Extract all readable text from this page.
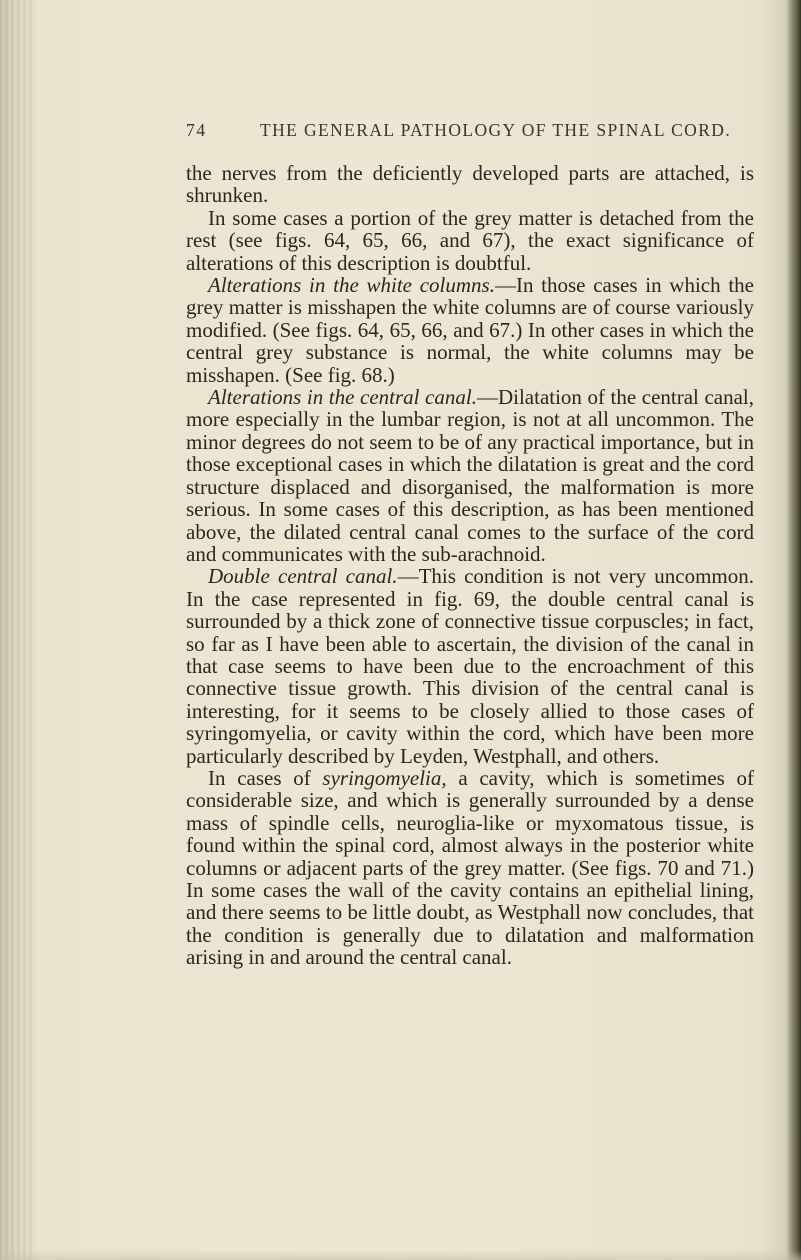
74	THE GENERAL PATHOLOGY OF THE SPINAL CORD.

the nerves from the deficiently developed parts are attached, is shrunken.

In some cases a portion of the grey matter is detached from the rest (see figs. 64, 65, 66, and 67), the exact significance of alterations of this description is doubtful.

Alterations in the white columns.—In those cases in which the grey matter is misshapen the white columns are of course variously modified. (See figs. 64, 65, 66, and 67.) In other cases in which the central grey substance is normal, the white columns may be misshapen. (See fig. 68.)

Alterations in the central canal.—Dilatation of the central canal, more especially in the lumbar region, is not at all uncommon. The minor degrees do not seem to be of any practical importance, but in those exceptional cases in which the dilatation is great and the cord structure displaced and disorganised, the malformation is more serious. In some cases of this description, as has been mentioned above, the dilated central canal comes to the surface of the cord and communicates with the sub-arachnoid.

Double central canal.—This condition is not very uncommon. In the case represented in fig. 69, the double central canal is surrounded by a thick zone of connective tissue corpuscles; in fact, so far as I have been able to ascertain, the division of the canal in that case seems to have been due to the encroachment of this connective tissue growth. This division of the central canal is interesting, for it seems to be closely allied to those cases of syringomyelia, or cavity within the cord, which have been more particularly described by Leyden, Westphall, and others.

In cases of syringomyelia, a cavity, which is sometimes of considerable size, and which is generally surrounded by a dense mass of spindle cells, neuroglia-like or myxomatous tissue, is found within the spinal cord, almost always in the posterior white columns or adjacent parts of the grey matter. (See figs. 70 and 71.) In some cases the wall of the cavity contains an epithelial lining, and there seems to be little doubt, as Westphall now concludes, that the condition is generally due to dilatation and malformation arising in and around the central canal.
